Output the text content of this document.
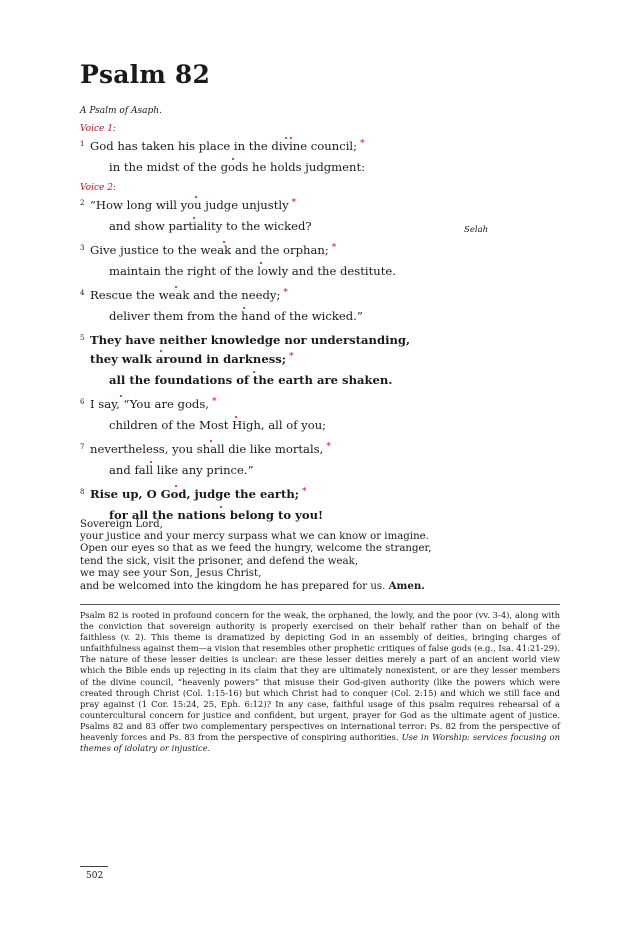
Psalm 82
A Psalm of Asaph.
Voice 1:
1 God has taken his place in the divine council; *
in the midst of the gods he holds judgment:
Voice 2:
2 “How long will you judge unjustly *
and show partiality to the wicked?	Selah
3 Give justice to the weak and the orphan; *
maintain the right of the lowly and the destitute.
4 Rescue the weak and the needy; *
deliver them from the hand of the wicked.”
5 They have neither knowledge nor understanding,
they walk around in darkness; *
all the foundations of the earth are shaken.
6 I say, “You are gods, *
children of the Most High, all of you;
7 nevertheless, you shall die like mortals, *
and fall like any prince.”
8 Rise up, O God, judge the earth; *
for all the nations belong to you!
Sovereign Lord,
your justice and your mercy surpass what we can know or imagine.
Open our eyes so that as we feed the hungry, welcome the stranger,
tend the sick, visit the prisoner, and defend the weak,
we may see your Son, Jesus Christ,
and be welcomed into the kingdom he has prepared for us. Amen.

Psalm 82 is rooted in profound concern for the weak, the orphaned, the lowly, and the poor (vv. 3-4), along with the conviction that sovereign authority is properly exercised on their behalf rather than on behalf of the faithless (v. 2). This theme is dramatized by depicting God in an assembly of deities, bringing charges of unfaithfulness against them—a vision that resembles other prophetic critiques of false gods (e.g., Isa. 41:21-29). The nature of these lesser deities is unclear: are these lesser deities merely a part of an ancient world view which the Bible ends up rejecting in its claim that they are ultimately nonexistent, or are they lesser members of the divine council, “heavenly powers” that misuse their God-given authority (like the powers which were created through Christ (Col. 1:15-16) but which Christ had to conquer (Col. 2:15) and which we still face and pray against (1 Cor. 15:24, 25, Eph. 6:12)? In any case, faithful usage of this psalm requires rehearsal of a countercultural concern for justice and confident, but urgent, prayer for God as the ultimate agent of justice. Psalms 82 and 83 offer two complementary perspectives on international terror: Ps. 82 from the perspective of heavenly forces and Ps. 83 from the perspective of conspiring authorities. Use in Worship: services focusing on themes of idolatry or injustice.

502
